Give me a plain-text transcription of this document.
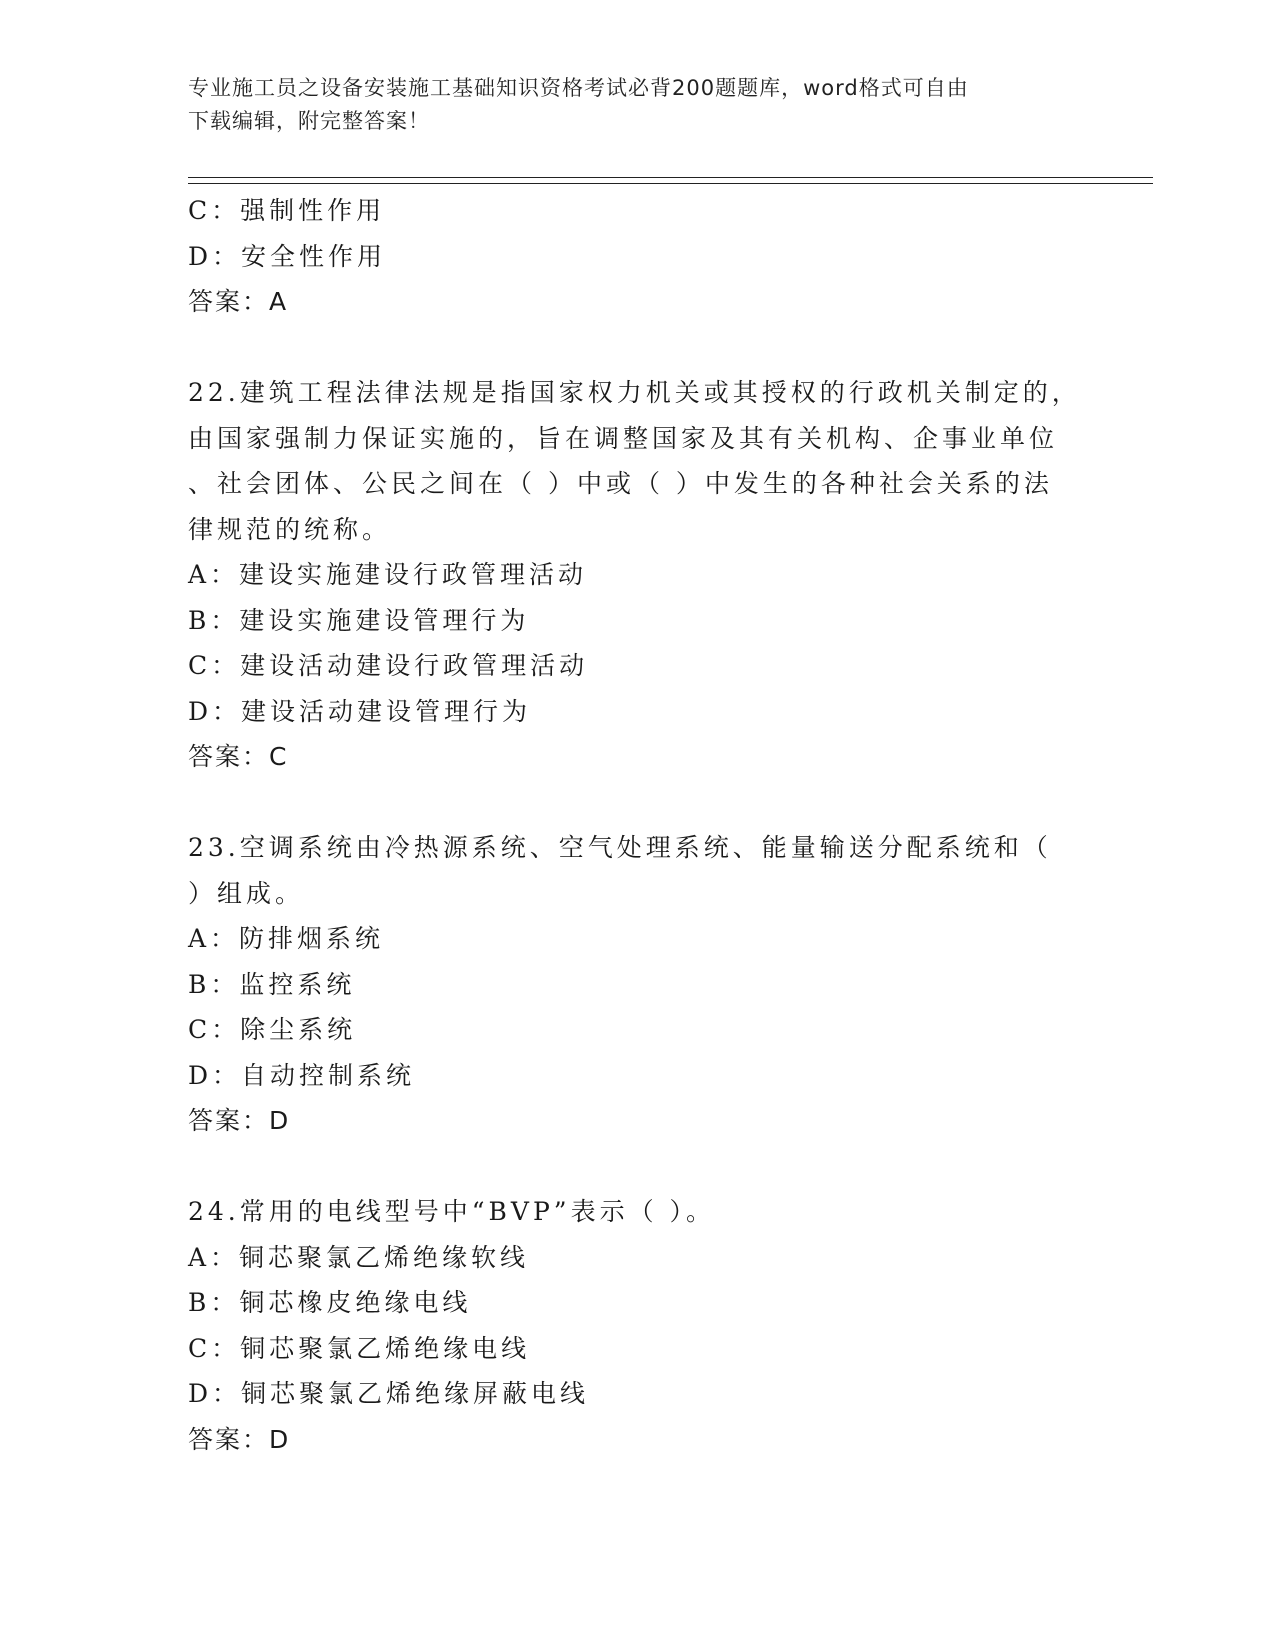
专业施工员之设备安装施工基础知识资格考试必背200题题库，word格式可自由
下载编辑，附完整答案！
C：强制性作用
D：安全性作用
答案：A
22.建筑工程法律法规是指国家权力机关或其授权的行政机关制定的，
由国家强制力保证实施的，旨在调整国家及其有关机构、企事业单位
、社会团体、公民之间在（ ）中或（ ）中发生的各种社会关系的法
律规范的统称。
A：建设实施建设行政管理活动
B：建设实施建设管理行为
C：建设活动建设行政管理活动
D：建设活动建设管理行为
答案：C
23.空调系统由冷热源系统、空气处理系统、能量输送分配系统和（
）组成。
A：防排烟系统
B：监控系统
C：除尘系统
D：自动控制系统
答案：D
24.常用的电线型号中“BVP”表示（ ）。
A：铜芯聚氯乙烯绝缘软线
B：铜芯橡皮绝缘电线
C：铜芯聚氯乙烯绝缘电线
D：铜芯聚氯乙烯绝缘屏蔽电线
答案：D
